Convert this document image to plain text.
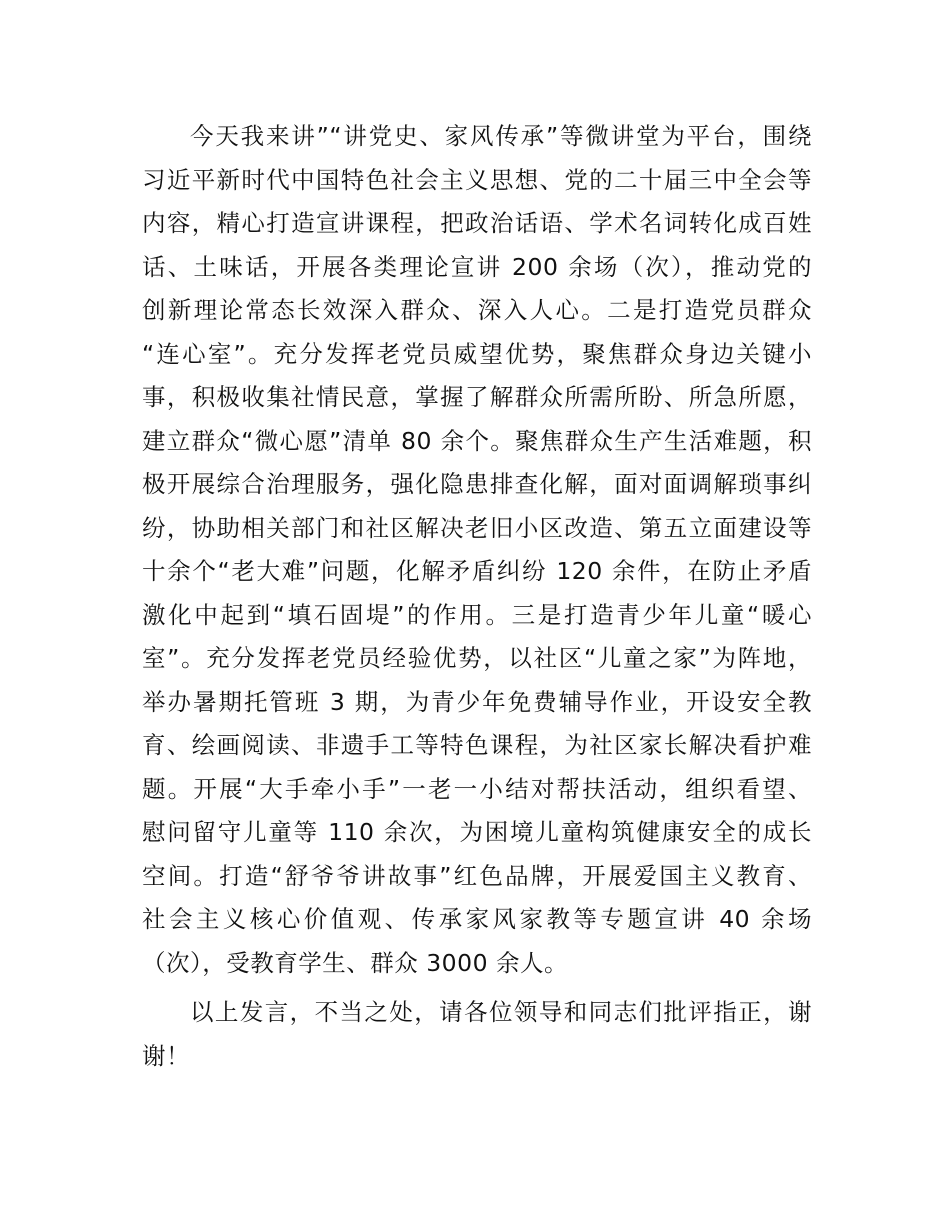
今天我来讲”“讲党史、家风传承”等微讲堂为平台，围绕
习近平新时代中国特色社会主义思想、党的二十届三中全会等
内容，精心打造宣讲课程，把政治话语、学术名词转化成百姓
话、土味话，开展各类理论宣讲 200 余场（次），推动党的
创新理论常态长效深入群众、深入人心。二是打造党员群众
“连心室”。充分发挥老党员威望优势，聚焦群众身边关键小
事，积极收集社情民意，掌握了解群众所需所盼、所急所愿，
建立群众“微心愿”清单 80 余个。聚焦群众生产生活难题，积
极开展综合治理服务，强化隐患排查化解，面对面调解琐事纠
纷，协助相关部门和社区解决老旧小区改造、第五立面建设等
十余个“老大难”问题，化解矛盾纠纷 120 余件，在防止矛盾
激化中起到“填石固堤”的作用。三是打造青少年儿童“暖心
室”。充分发挥老党员经验优势，以社区“儿童之家”为阵地，
举办暑期托管班 3 期，为青少年免费辅导作业，开设安全教
育、绘画阅读、非遗手工等特色课程，为社区家长解决看护难
题。开展“大手牵小手”一老一小结对帮扶活动，组织看望、
慰问留守儿童等 110 余次，为困境儿童构筑健康安全的成长
空间。打造“舒爷爷讲故事”红色品牌，开展爱国主义教育、
社会主义核心价值观、传承家风家教等专题宣讲 40 余场
（次），受教育学生、群众 3000 余人。
以上发言，不当之处，请各位领导和同志们批评指正，谢
谢！
